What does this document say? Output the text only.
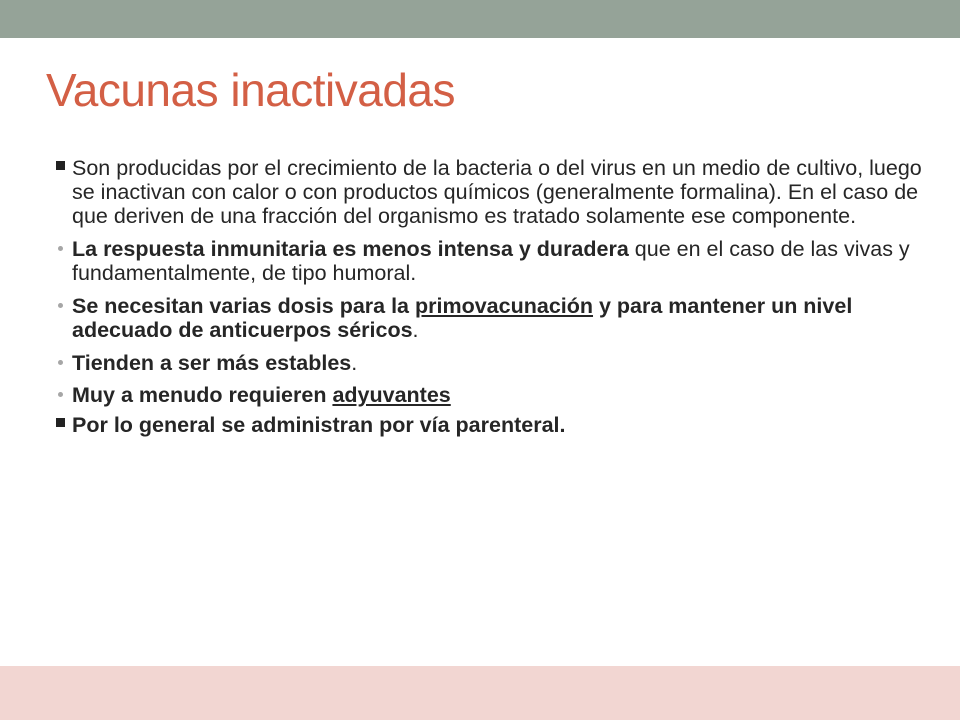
Vacunas inactivadas
Son producidas por el crecimiento de la bacteria o del virus en un medio de cultivo, luego se inactivan con calor o con productos químicos (generalmente formalina). En el caso de que deriven de una fracción del organismo es tratado solamente ese componente.
La respuesta inmunitaria es menos intensa y duradera que en el caso de las vivas y fundamentalmente, de tipo humoral.
Se necesitan varias dosis para la primovacunación y para mantener un nivel adecuado de anticuerpos séricos.
Tienden a ser más estables.
Muy a menudo requieren adyuvantes
Por lo general se administran por vía parenteral.
